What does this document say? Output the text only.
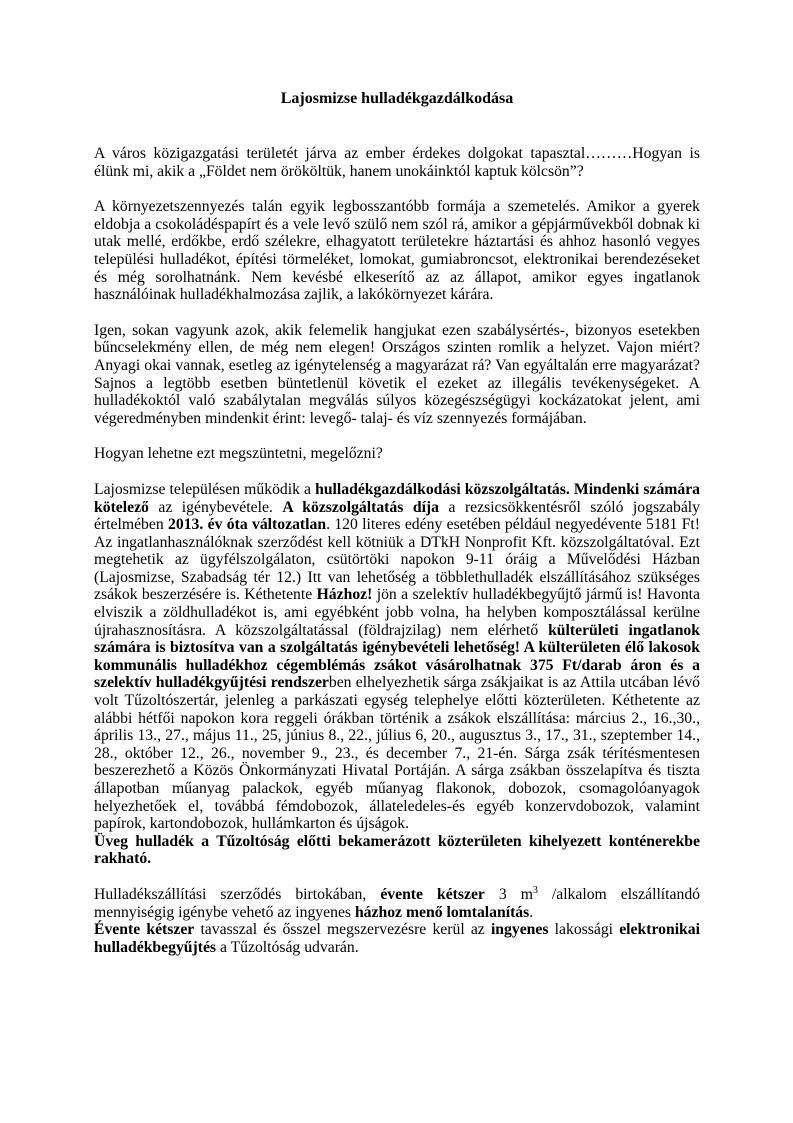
Lajosmizse hulladékgazdálkodása

A város közigazgatási területét járva az ember érdekes dolgokat tapasztal………Hogyan is élünk mi, akik a „Földet nem örököltük, hanem unokáinktól kaptuk kölcsön”?

A környezetszennyezés talán egyik legbosszantóbb formája a szemetelés. Amikor a gyerek eldobja a csokoládéspapírt és a vele levő szülő nem szól rá, amikor a gépjárművekből dobnak ki utak mellé, erdőkbe, erdő szélekre, elhagyatott területekre háztartási és ahhoz hasonló vegyes települési hulladékot, építési törmeléket, lomokat, gumiabroncsot, elektronikai berendezéseket és még sorolhatnánk. Nem kevésbé elkeserítő az az állapot, amikor egyes ingatlanok használóinak hulladékhalmozása zajlik, a lakókörnyezet kárára.

Igen, sokan vagyunk azok, akik felemelik hangjukat ezen szabálysértés-, bizonyos esetekben bűncselekmény ellen, de még nem elegen! Országos szinten romlik a helyzet. Vajon miért? Anyagi okai vannak, esetleg az igénytelenség a magyarázat rá? Van egyáltalán erre magyarázat? Sajnos a legtöbb esetben büntetlenül követik el ezeket az illegális tevékenységeket. A hulladékoktól való szabálytalan megválás súlyos közegészségügyi kockázatokat jelent, ami végeredményben mindenkit érint: levegő- talaj- és víz szennyezés formájában.

Hogyan lehetne ezt megszüntetni, megelőzni?

Lajosmizse településen működik a hulladékgazdálkodási közszolgáltatás. Mindenki számára kötelező az igénybevétele. A közszolgáltatás díja a rezsicsökkentésről szóló jogszabály értelmében 2013. év óta változatlan. 120 literes edény esetében például negyedévente 5181 Ft! Az ingatlanhasználóknak szerződést kell kötniük a DTkH Nonprofit Kft. közszolgáltatóval. Ezt megtehetik az ügyfélszolgálaton, csütörtöki napokon 9-11 óráig a Művelődési Házban (Lajosmizse, Szabadság tér 12.) Itt van lehetőség a többlethulladék elszállításához szükséges zsákok beszerzésére is. Kéthetente Házhoz! jön a szelektív hulladékbegyűjtő jármű is! Havonta elviszik a zöldhulladékot is, ami egyébként jobb volna, ha helyben komposztálással kerülne újrahasznosításra. A közszolgáltatással (földrajzilag) nem elérhető külterületi ingatlanok számára is biztosítva van a szolgáltatás igénybevételi lehetőség! A külterületen élő lakosok kommunális hulladékhoz cégemblémás zsákot vásárolhatnak 375 Ft/darab áron és a szelektív hulladékgyűjtési rendszerben elhelyezhetik sárga zsákjaikat is az Attila utcában lévő volt Tűzoltószertár, jelenleg a parkászati egység telephelye előtti közterületen. Kéthetente az alábbi hétfői napokon kora reggeli órákban történik a zsákok elszállítása: március 2., 16.,30., április 13., 27., május 11., 25, június 8., 22., július 6, 20., augusztus 3., 17., 31., szeptember 14., 28., október 12., 26., november 9., 23., és december 7., 21-én. Sárga zsák térítésmentesen beszerezhető a Közös Önkormányzati Hivatal Portáján. A sárga zsákban összelapítva és tiszta állapotban műanyag palackok, egyéb műanyag flakonok, dobozok, csomagolóanyagok helyezhetőek el, továbbá fémdobozok, állateledeles-és egyéb konzervdobozok, valamint papírok, kartondobozok, hullámkarton és újságok.

Üveg hulladék a Tűzoltóság előtti bekamerázott közterületen kihelyezett konténerekbe rakható.

Hulladékszállítási szerződés birtokában, évente kétszer 3 $m^3$ /alkalom elszállítandó mennyiségig igénybe vehető az ingyenes házhoz menő lomtalanítás.

Évente kétszer tavasszal és ősszel megszervezésre kerül az ingyenes lakossági elektronikai hulladékbegyűjtés a Tűzoltóság udvarán.
